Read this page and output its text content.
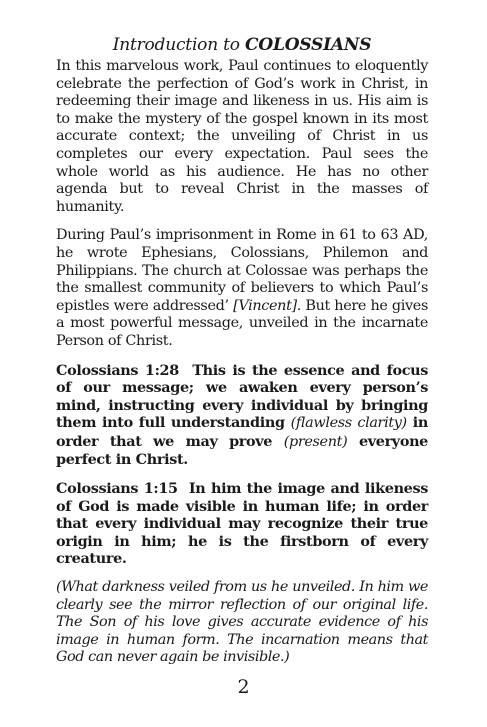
Introduction to COLOSSIANS

In this marvelous work, Paul continues to eloquently celebrate the perfection of God’s work in Christ, in redeeming their image and likeness in us. His aim is to make the mystery of the gospel known in its most accurate context; the unveiling of Christ in us completes our every expectation. Paul sees the whole world as his audience. He has no other agenda but to reveal Christ in the masses of humanity.

During Paul’s imprisonment in Rome in 61 to 63 AD, he wrote Ephesians, Colossians, Philemon and Philippians. The church at Colossae was perhaps the the smallest community of believers to which Paul’s epistles were addressed’ [Vincent]. But here he gives a most powerful message, unveiled in the incarnate Person of Christ.

Colossians 1:28 This is the essence and focus of our message; we awaken every person’s mind, instructing every individual by bringing them into full understanding (flawless clarity) in order that we may prove (present) everyone perfect in Christ.

Colossians 1:15 In him the image and likeness of God is made visible in human life; in order that every individual may recognize their true origin in him; he is the firstborn of every creature.

(What darkness veiled from us he unveiled. In him we clearly see the mirror reflection of our original life. The Son of his love gives accurate evidence of his image in human form. The incarnation means that God can never again be invisible.)

2
